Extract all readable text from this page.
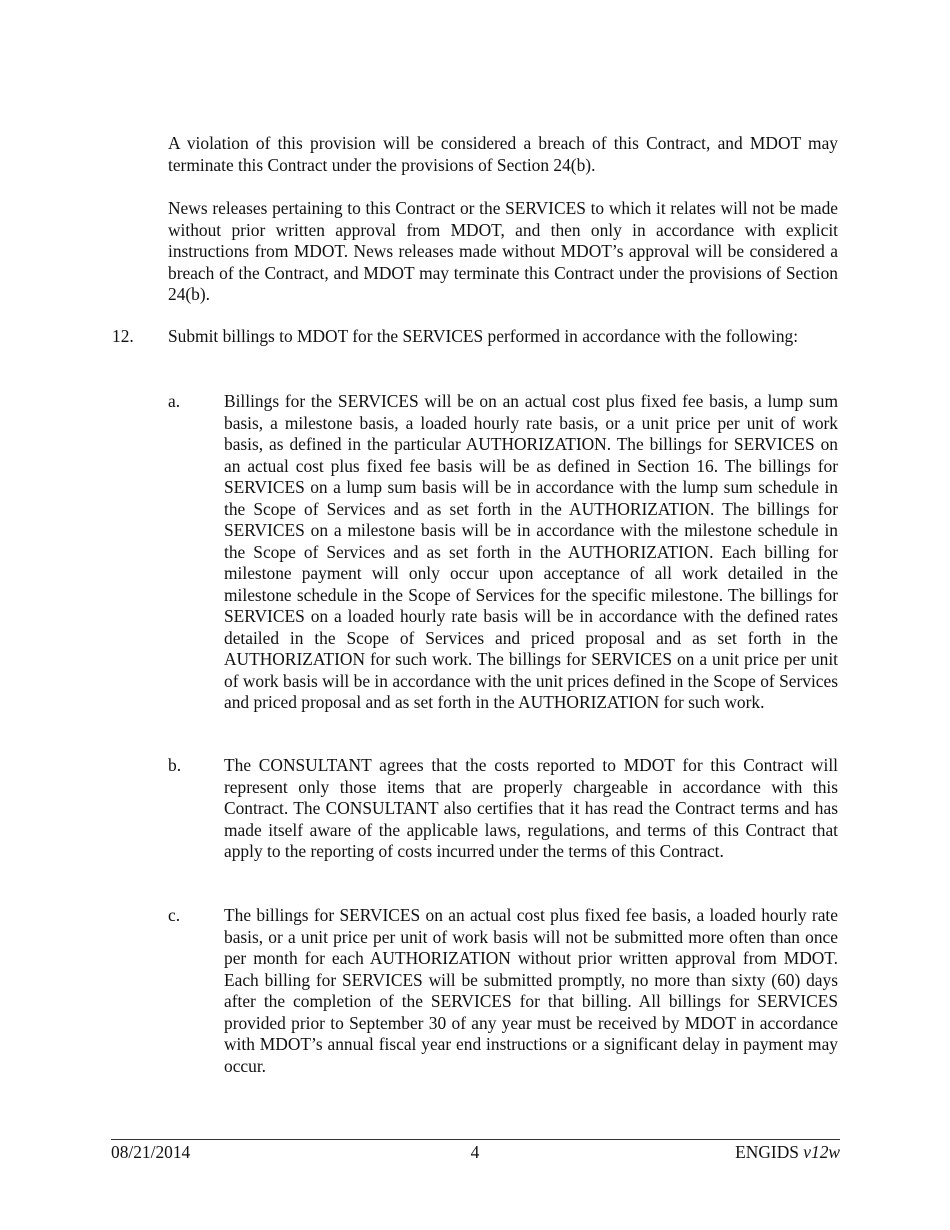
A violation of this provision will be considered a breach of this Contract, and MDOT may terminate this Contract under the provisions of Section 24(b).

News releases pertaining to this Contract or the SERVICES to which it relates will not be made without prior written approval from MDOT, and then only in accordance with explicit instructions from MDOT. News releases made without MDOT’s approval will be considered a breach of the Contract, and MDOT may terminate this Contract under the provisions of Section 24(b).

12. Submit billings to MDOT for the SERVICES performed in accordance with the following:

a.	Billings for the SERVICES will be on an actual cost plus fixed fee basis, a lump sum basis, a milestone basis, a loaded hourly rate basis, or a unit price per unit of work basis, as defined in the particular AUTHORIZATION. The billings for SERVICES on an actual cost plus fixed fee basis will be as defined in Section 16. The billings for SERVICES on a lump sum basis will be in accordance with the lump sum schedule in the Scope of Services and as set forth in the AUTHORIZATION. The billings for SERVICES on a milestone basis will be in accordance with the milestone schedule in the Scope of Services and as set forth in the AUTHORIZATION. Each billing for milestone payment will only occur upon acceptance of all work detailed in the milestone schedule in the Scope of Services for the specific milestone. The billings for SERVICES on a loaded hourly rate basis will be in accordance with the defined rates detailed in the Scope of Services and priced proposal and as set forth in the AUTHORIZATION for such work. The billings for SERVICES on a unit price per unit of work basis will be in accordance with the unit prices defined in the Scope of Services and priced proposal and as set forth in the AUTHORIZATION for such work.

b. The CONSULTANT agrees that the costs reported to MDOT for this Contract will represent only those items that are properly chargeable in accordance with this Contract. The CONSULTANT also certifies that it has read the Contract terms and has made itself aware of the applicable laws, regulations, and terms of this Contract that apply to the reporting of costs incurred under the terms of this Contract.

c.	The billings for SERVICES on an actual cost plus fixed fee basis, a loaded hourly rate basis, or a unit price per unit of work basis will not be submitted more often than once per month for each AUTHORIZATION without prior written approval from MDOT. Each billing for SERVICES will be submitted promptly, no more than sixty (60) days after the completion of the SERVICES for that billing. All billings for SERVICES provided prior to September 30 of any year must be received by MDOT in accordance with MDOT’s annual fiscal year end instructions or a significant delay in payment may occur.

08/21/2014	4	ENGIDS v12w
